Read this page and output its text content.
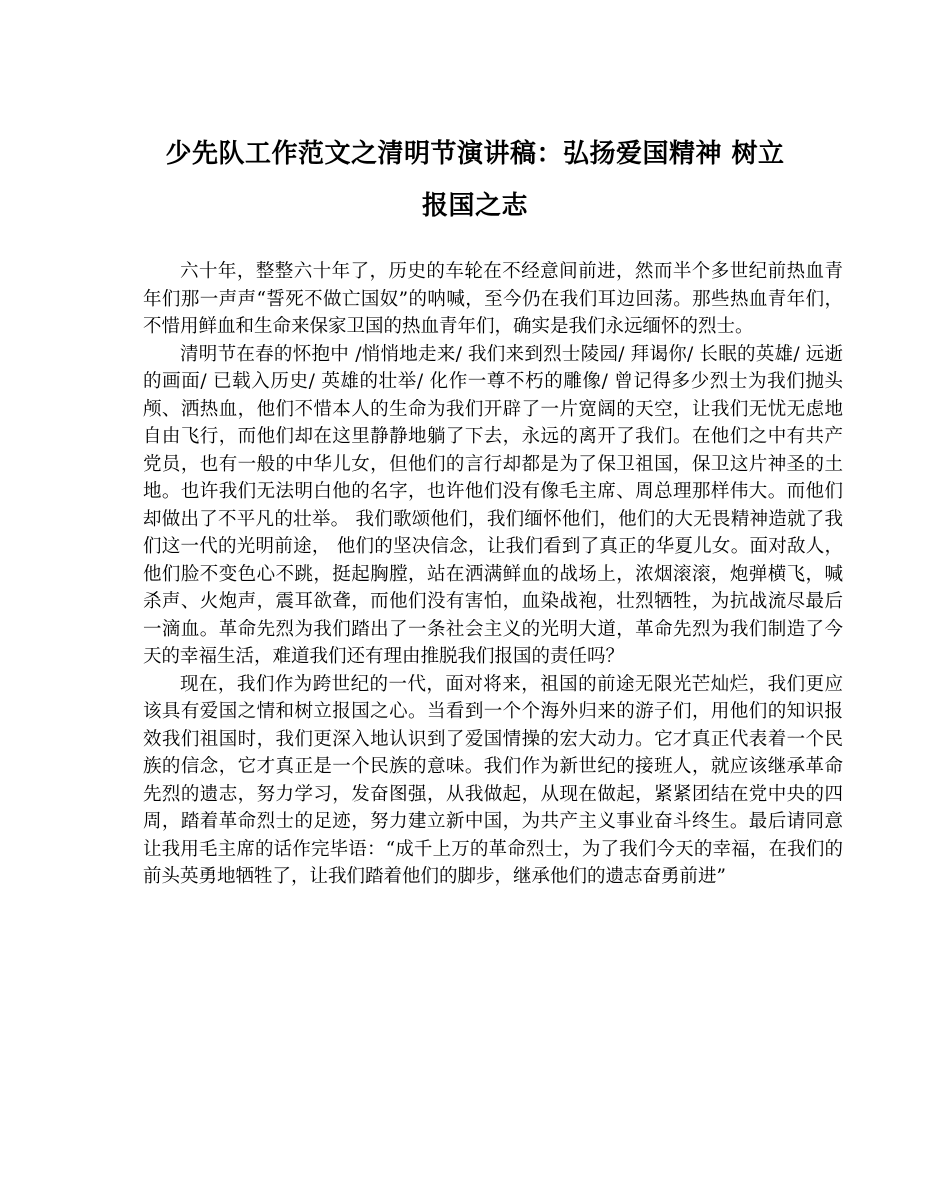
少先队工作范文之清明节演讲稿：弘扬爱国精神 树立
报国之志

六十年，整整六十年了，历史的车轮在不经意间前进，然而半个多世纪前热血青年们那一声声“誓死不做亡国奴”的呐喊，至今仍在我们耳边回荡。那些热血青年们，不惜用鲜血和生命来保家卫国的热血青年们，确实是我们永远缅怀的烈士。

清明节在春的怀抱中 /悄悄地走来/ 我们来到烈士陵园/ 拜谒你/ 长眠的英雄/ 远逝的画面/ 已载入历史/ 英雄的壮举/ 化作一尊不朽的雕像/ 曾记得多少烈士为我们抛头颅、洒热血，他们不惜本人的生命为我们开辟了一片宽阔的天空，让我们无忧无虑地自由飞行，而他们却在这里静静地躺了下去，永远的离开了我们。在他们之中有共产党员，也有一般的中华儿女，但他们的言行却都是为了保卫祖国，保卫这片神圣的土地。也许我们无法明白他的名字，也许他们没有像毛主席、周总理那样伟大。而他们却做出了不平凡的壮举。 我们歌颂他们，我们缅怀他们，他们的大无畏精神造就了我们这一代的光明前途， 他们的坚决信念，让我们看到了真正的华夏儿女。面对敌人，他们脸不变色心不跳，挺起胸膛，站在洒满鲜血的战场上，浓烟滚滚，炮弹横飞，喊杀声、火炮声，震耳欲聋，而他们没有害怕，血染战袍，壮烈牺牲，为抗战流尽最后一滴血。革命先烈为我们踏出了一条社会主义的光明大道，革命先烈为我们制造了今天的幸福生活，难道我们还有理由推脱我们报国的责任吗？

现在，我们作为跨世纪的一代，面对将来，祖国的前途无限光芒灿烂，我们更应该具有爱国之情和树立报国之心。当看到一个个海外归来的游子们，用他们的知识报效我们祖国时，我们更深入地认识到了爱国情操的宏大动力。它才真正代表着一个民族的信念，它才真正是一个民族的意味。我们作为新世纪的接班人，就应该继承革命先烈的遗志，努力学习，发奋图强，从我做起，从现在做起，紧紧团结在党中央的四周，踏着革命烈士的足迹，努力建立新中国，为共产主义事业奋斗终生。最后请同意让我用毛主席的话作完毕语：“成千上万的革命烈士，为了我们今天的幸福，在我们的前头英勇地牺牲了，让我们踏着他们的脚步，继承他们的遗志奋勇前进”
